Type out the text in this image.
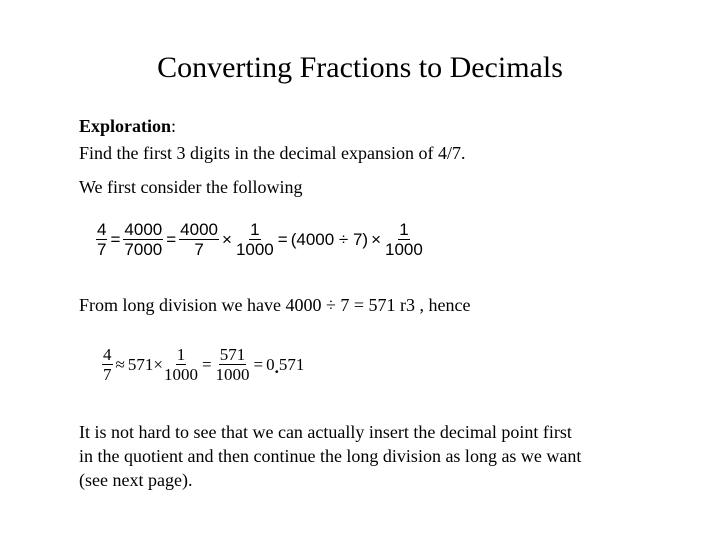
Converting Fractions to Decimals
Exploration:
Find the first 3 digits in the decimal expansion of 4/7.
We first consider the following
$\frac{4}{7} = \frac{4000}{7000} = \frac{4000}{7} \times \frac{1}{1000} = (4000 \div 7) \times \frac{1}{1000}$
From long division we have 4000 ÷ 7 = 571 r3 , hence
$\frac{4}{7} \approx 571\times \frac{1}{1000} = \frac{571}{1000} = 0.571$
It is not hard to see that we can actually insert the decimal point first
in the quotient and then continue the long division as long as we want
(see next page).
